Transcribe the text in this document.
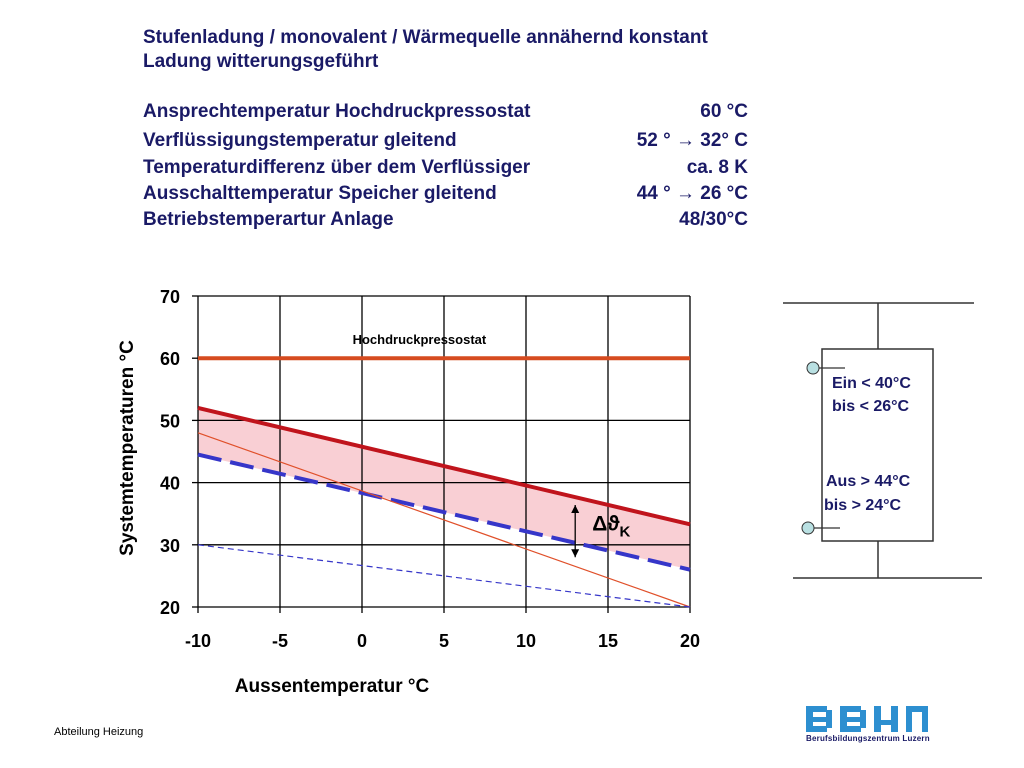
Stufenladung / monovalent / Wärmequelle annähernd konstant
Ladung witterungsgeführt
Ansprechtemperatur Hochdruckpressostat	60 °C
Verflüssigungstemperatur gleitend	52 ° → 32° C
Temperaturdifferenz über dem Verflüssiger	ca. 8 K
Ausschalttemperatur Speicher gleitend	44 ° → 26 °C
Betriebstemperartur Anlage	48/30°C
-10	-5	0	5	10	15	20
20
30
40
50
60
70
Hochdruckpressostat
$\Delta ϑ_K$
Aussentemperatur °C
Systemtemperaturen °C	Ein < 40°C
bis < 26°C
Aus > 44°C
bis > 24°C
Abteilung Heizung
Berufsbildungszentrum Luzern
